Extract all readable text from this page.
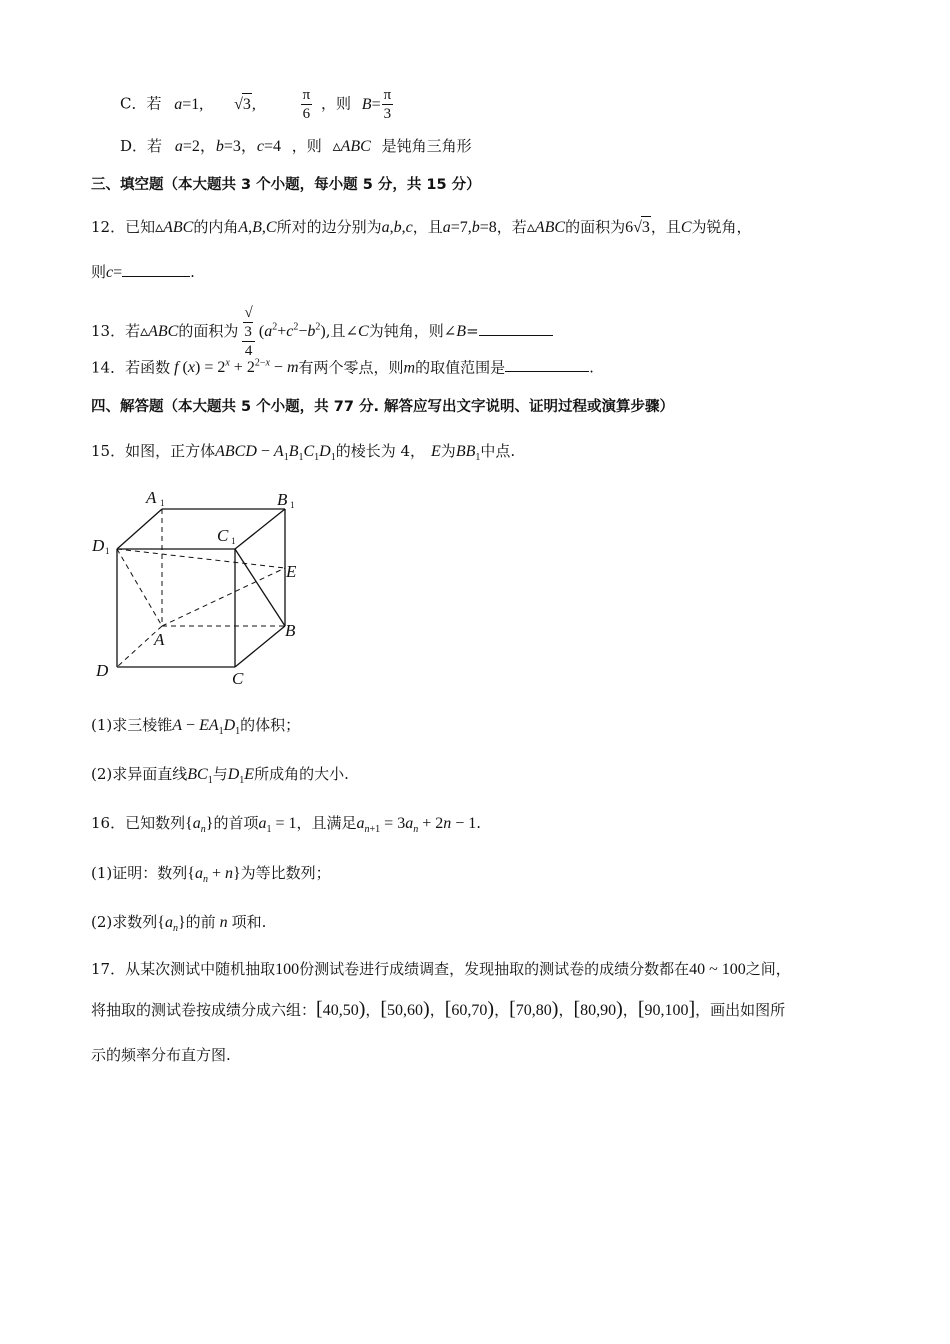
C．若 a=1, √3,	$\frac{\pi}{6}$ ，则 $B= \frac{\pi}{3}$
D．若 a=2，b=3，c=4 ，则 ▵ABC 是钝角三角形
三、填空题（本大题共 3 个小题，每小题 5 分，共 15 分）
12．已知▵ABC的内角A,B,C所对的边分别为a,b,c，且a=7,b=8，若▵ABC的面积为6√3，且C为锐角，
则c=	.
13．若▵ABC的面积为 √
3
4 $(a^2+c^2-b^2)$,且∠C为钝角，则∠B=
14．若函数 f $(x) = 2^x + 2^{2-x} - m$有两个零点，则m的取值范围是	.
四、解答题（本大题共 5 个小题，共 77 分. 解答应写出文字说明、证明过程或演算步骤）
15．如图，正方体ABCD − $A_1B_1C_1D_1$的棱长为 4， E为$BB_1$中点.
A 1	B 1
D 1
C 1
E
A	B
D	C
(1)求三棱锥$A - EA_1D_1$的体积；
(2)求异面直线$BC_1$与$D_1E$所成角的大小.
16．已知数列$\{a_n\}$的首项$a_1 = 1$，且满足$a_{n+1} = 3a_n + 2n - 1$.
(1)证明：数列$\{a_n + n\}$为等比数列；
(2)求数列$\{a_n\}$的前 n 项和.
17．从某次测试中随机抽取100份测试卷进行成绩调查，发现抽取的测试卷的成绩分数都在40 ~ 100之间，
将抽取的测试卷按成绩分成六组：[40,50)，[50,60)，[60,70)，[70,80)，[80,90)，[90,100]，画出如图所
示的频率分布直方图.
